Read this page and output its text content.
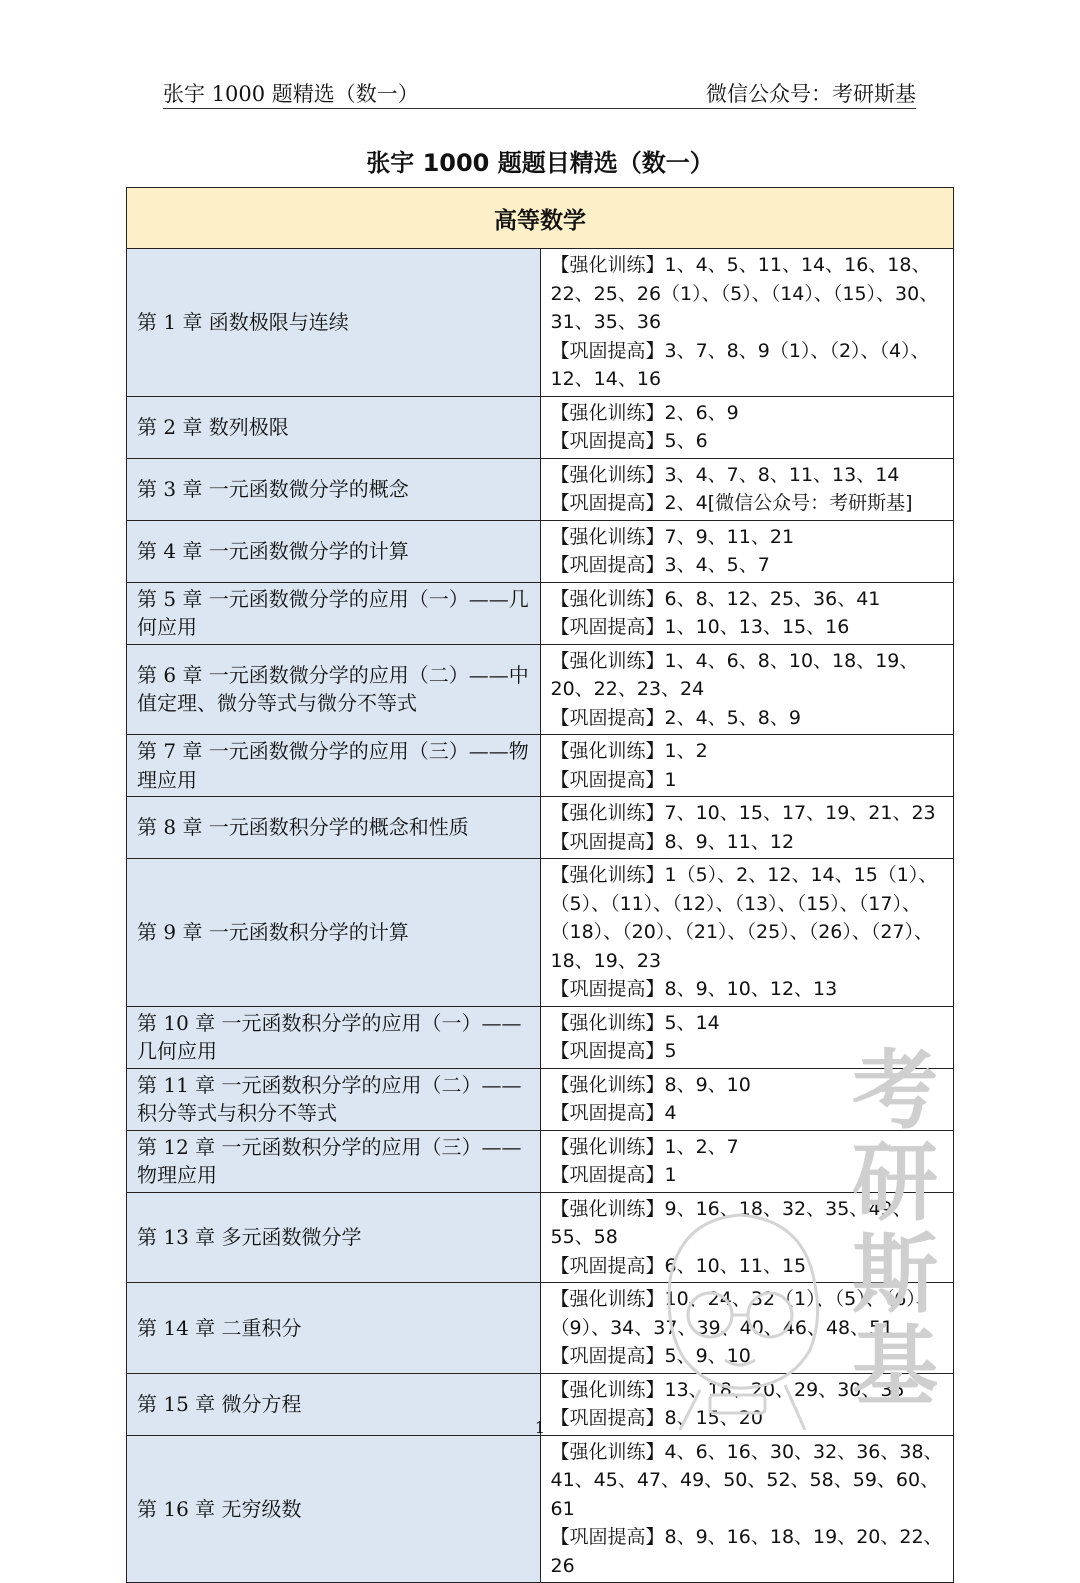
张宇 1000 题精选（数一）	微信公众号：考研斯基
张宇 1000 题题目精选（数一）
高等数学	
第 1 章 函数极限与连续	【强化训练】1、4、5、11、14、16、18、22、25、26（1）、（5）、（14）、（15）、30、31、35、36
【巩固提高】3、7、8、9（1）、（2）、（4）、12、14、16

第 2 章 数列极限	【强化训练】2、6、9
【巩固提高】5、6

第 3 章 一元函数微分学的概念	【强化训练】3、4、7、8、11、13、14
【巩固提高】2、4[微信公众号：考研斯基]

第 4 章 一元函数微分学的计算	【强化训练】7、9、11、21
【巩固提高】3、4、5、7

第 5 章 一元函数微分学的应用（一）——几何应用	【强化训练】6、8、12、25、36、41
【巩固提高】1、10、13、15、16

第 6 章 一元函数微分学的应用（二）——中值定理、微分等式与微分不等式	【强化训练】1、4、6、8、10、18、19、20、22、23、24
【巩固提高】2、4、5、8、9

第 7 章 一元函数微分学的应用（三）——物理应用	【强化训练】1、2
【巩固提高】1

第 8 章 一元函数积分学的概念和性质	【强化训练】7、10、15、17、19、21、23
【巩固提高】8、9、11、12

第 9 章 一元函数积分学的计算	【强化训练】1（5）、2、12、14、15（1）、（5）、（11）、（12）、（13）、（15）、（17）、（18）、（20）、（21）、（25）、（26）、（27）、18、19、23
【巩固提高】8、9、10、12、13

第 10 章 一元函数积分学的应用（一）——几何应用	【强化训练】5、14
【巩固提高】5

第 11 章 一元函数积分学的应用（二）——积分等式与积分不等式	【强化训练】8、9、10
【巩固提高】4

第 12 章 一元函数积分学的应用（三）——物理应用	【强化训练】1、2、7
【巩固提高】1

第 13 章 多元函数微分学	【强化训练】9、16、18、32、35、49、55、58
【巩固提高】6、10、11、15

第 14 章 二重积分	【强化训练】10、24、32（1）、（5）、（6）、（9）、34、37、39、40、46、48、51
【巩固提高】5、9、10

第 15 章 微分方程	【强化训练】13、18、20、29、30、35
【巩固提高】8、15、20

第 16 章 无穷级数	【强化训练】4、6、16、30、32、36、38、41、45、47、49、50、52、58、59、60、61
【巩固提高】8、9、16、18、19、20、22、26
考研斯基
1
